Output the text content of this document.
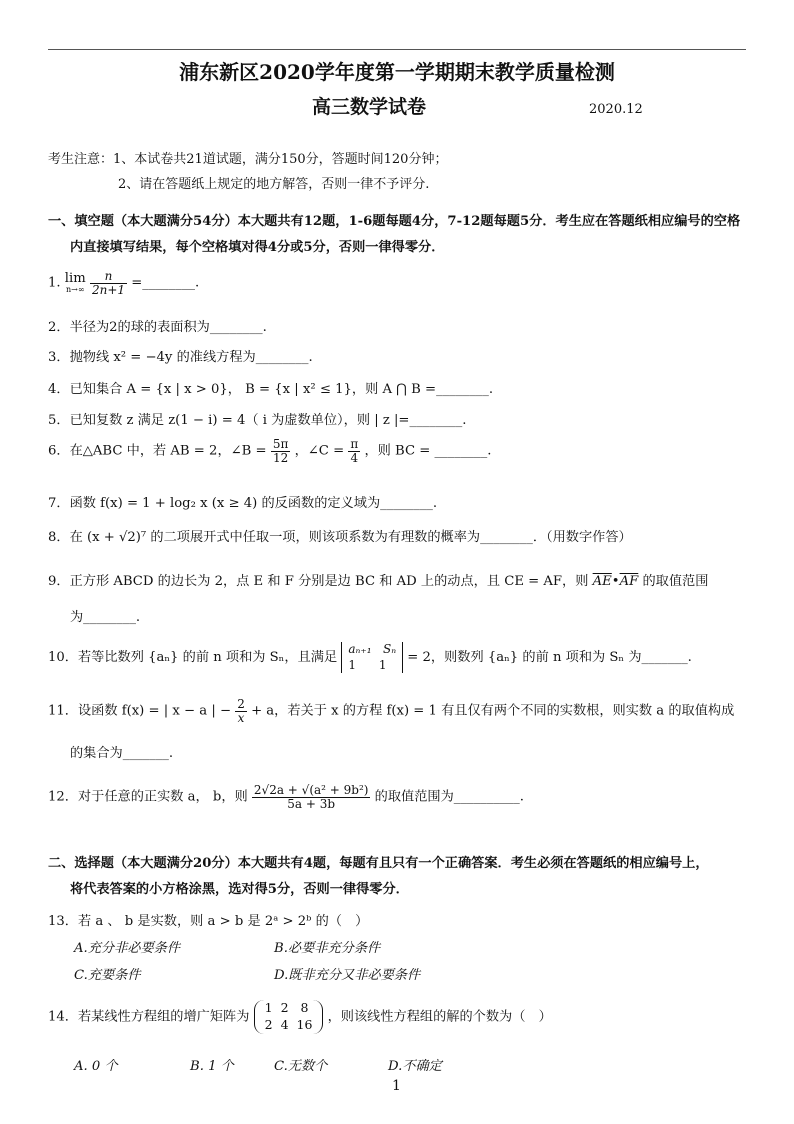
浦东新区2020学年度第一学期期末教学质量检测
高三数学试卷	2020.12
考生注意：1、本试卷共21道试题，满分150分，答题时间120分钟；
2、请在答题纸上规定的地方解答，否则一律不予评分.
一、填空题（本大题满分54分）本大题共有12题，1-6题每题4分，7-12题每题5分．考生应在答题纸相应编号的空格
内直接填写结果，每个空格填对得4分或5分，否则一律得零分．
1. lim
n→∞
$\frac{n}{2n+1}$ =________.
2．半径为2的球的表面积为________.
3．抛物线 x² = −4y 的准线方程为________.
4．已知集合 A = {x | x > 0}， B = {x | x² ≤ 1}，则 A ⋂ B =________.
5．已知复数 z 满足 z(1 − i) = 4（ i 为虚数单位），则 | z |=________.
6．在△ABC 中，若 AB = 2，∠B = $\frac{5\pi}{12}$ ，∠C = $\frac{\pi}{4}$ ，则 BC = ________.
7．函数 f(x) = 1 + log₂ x (x ≥ 4) 的反函数的定义域为________.
8．在 (x + √2)⁷ 的二项展开式中任取一项，则该项系数为有理数的概率为________．（用数字作答）
9．正方形 ABCD 的边长为 2，点 E 和 F 分别是边 BC 和 AD 上的动点，且 CE = AF，则 $\overline{AE}•\overline{AF}$ 的取值范围
为________.
10．若等比数列 {aₙ} 的前 n 项和为 Sₙ，且满足
aₙ₊₁ Sₙ
1 1	= 2，则数列 {aₙ} 的前 n 项和为 Sₙ 为_______.
11．设函数 f(x) = | x − a | − $\frac{2}{x} + a$，若关于 x 的方程 f(x) = 1 有且仅有两个不同的实数根，则实数 a 的取值构成
的集合为_______.
12．对于任意的正实数 a， b，则 $\frac{\text{2√2a + √(a² + 9b²)}}{5a + 3b}$ 的取值范围为__________.
二、选择题（本大题满分20分）本大题共有4题，每题有且只有一个正确答案．考生必须在答题纸的相应编号上，
将代表答案的小方格涂黑，选对得5分，否则一律得零分．
13．若 a 、 b 是实数，则 a > b 是 2ᵃ > 2ᵇ 的（　）
A.充分非必要条件	B.必要非充分条件
C.充要条件	D.既非充分又非必要条件
14．若某线性方程组的增广矩阵为
1	2	8
2	4	16 ，则该线性方程组的解的个数为（　）
A. 0 个	B. 1 个	C.无数个	D.不确定
1
